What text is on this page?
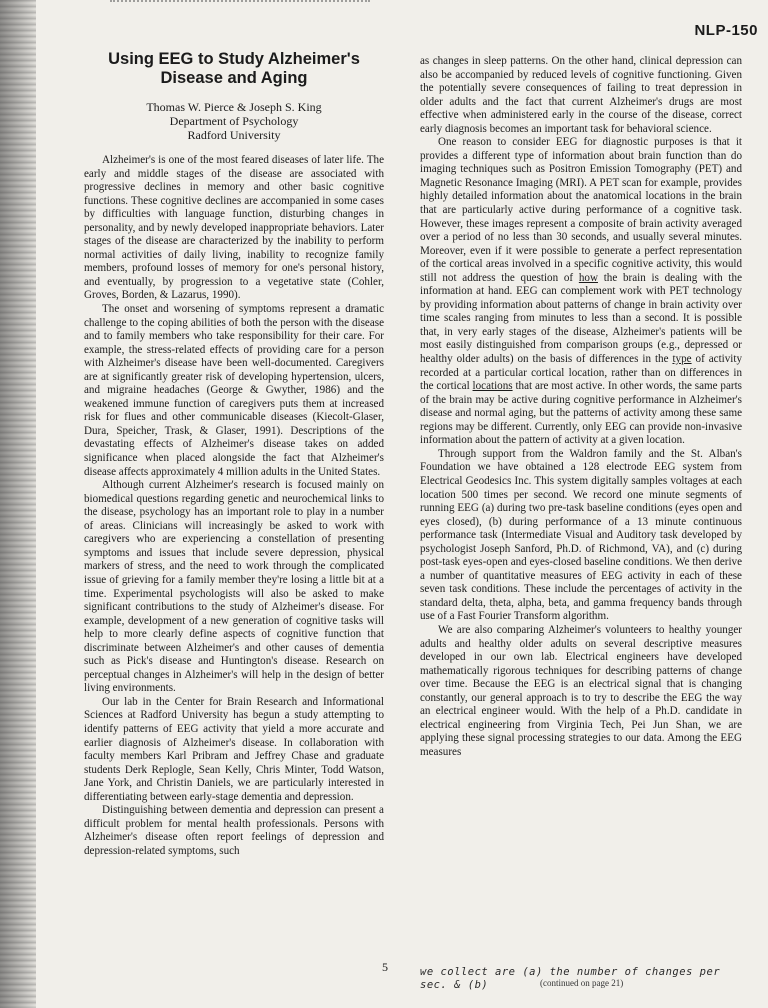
NLP-150
Using EEG to Study Alzheimer's
Disease and Aging
Thomas W. Pierce & Joseph S. King
Department of Psychology
Radford University

Alzheimer's is one of the most feared diseases of later life. The early and middle stages of the disease are associated with progressive declines in memory and other basic cognitive functions. These cognitive declines are accompanied in some cases by difficulties with language function, disturbing changes in personality, and by newly developed inappropriate behaviors. Later stages of the disease are characterized by the inability to perform normal activities of daily living, inability to recognize family members, profound losses of memory for one's personal history, and eventually, by progression to a vegetative state (Cohler, Groves, Borden, & Lazarus, 1990).

The onset and worsening of symptoms represent a dramatic challenge to the coping abilities of both the person with the disease and to family members who take responsibility for their care. For example, the stress-related effects of providing care for a person with Alzheimer's disease have been well-documented. Caregivers are at significantly greater risk of developing hypertension, ulcers, and migraine headaches (George & Gwyther, 1986) and the weakened immune function of caregivers puts them at increased risk for flues and other communicable diseases (Kiecolt-Glaser, Dura, Speicher, Trask, & Glaser, 1991). Descriptions of the devastating effects of Alzheimer's disease takes on added significance when placed alongside the fact that Alzheimer's disease affects approximately 4 million adults in the United States.

Although current Alzheimer's research is focused mainly on biomedical questions regarding genetic and neurochemical links to the disease, psychology has an important role to play in a number of areas. Clinicians will increasingly be asked to work with caregivers who are experiencing a constellation of presenting symptoms and issues that include severe depression, physical markers of stress, and the need to work through the complicated issue of grieving for a family member they're losing a little bit at a time. Experimental psychologists will also be asked to make significant contributions to the study of Alzheimer's disease. For example, development of a new generation of cognitive tasks will help to more clearly define aspects of cognitive function that discriminate between Alzheimer's and other causes of dementia such as Pick's disease and Huntington's disease. Research on perceptual changes in Alzheimer's will help in the design of better living environments.

Our lab in the Center for Brain Research and Informational Sciences at Radford University has begun a study attempting to identify patterns of EEG activity that yield a more accurate and earlier diagnosis of Alzheimer's disease. In collaboration with faculty members Karl Pribram and Jeffrey Chase and graduate students Derk Replogle, Sean Kelly, Chris Minter, Todd Watson, Jane York, and Christin Daniels, we are particularly interested in differentiating between early-stage dementia and depression.

Distinguishing between dementia and depression can present a difficult problem for mental health professionals. Persons with Alzheimer's disease often report feelings of depression and depression-related symptoms, such

as changes in sleep patterns. On the other hand, clinical depression can also be accompanied by reduced levels of cognitive functioning. Given the potentially severe consequences of failing to treat depression in older adults and the fact that current Alzheimer's drugs are most effective when administered early in the course of the disease, correct early diagnosis becomes an important task for behavioral science.

One reason to consider EEG for diagnostic purposes is that it provides a different type of information about brain function than do imaging techniques such as Positron Emission Tomography (PET) and Magnetic Resonance Imaging (MRI). A PET scan for example, provides highly detailed information about the anatomical locations in the brain that are particularly active during performance of a cognitive task. However, these images represent a composite of brain activity averaged over a period of no less than 30 seconds, and usually several minutes. Moreover, even if it were possible to generate a perfect representation of the cortical areas involved in a specific cognitive activity, this would still not address the question of how the brain is dealing with the information at hand. EEG can complement work with PET technology by providing information about patterns of change in brain activity over time scales ranging from minutes to less than a second. It is possible that, in very early stages of the disease, Alzheimer's patients will be most easily distinguished from comparison groups (e.g., depressed or healthy older adults) on the basis of differences in the type of activity recorded at a particular cortical location, rather than on differences in the cortical locations that are most active. In other words, the same parts of the brain may be active during cognitive performance in Alzheimer's disease and normal aging, but the patterns of activity among these same regions may be different. Currently, only EEG can provide non-invasive information about the pattern of activity at a given location.

Through support from the Waldron family and the St. Alban's Foundation we have obtained a 128 electrode EEG system from Electrical Geodesics Inc. This system digitally samples voltages at each location 500 times per second. We record one minute segments of running EEG (a) during two pre-task baseline conditions (eyes open and eyes closed), (b) during performance of a 13 minute continuous performance task (Intermediate Visual and Auditory task developed by psychologist Joseph Sanford, Ph.D. of Richmond, VA), and (c) during post-task eyes-open and eyes-closed baseline conditions. We then derive a number of quantitative measures of EEG activity in each of these seven task conditions. These include the percentages of activity in the standard delta, theta, alpha, beta, and gamma frequency bands through use of a Fast Fourier Transform algorithm.

We are also comparing Alzheimer's volunteers to healthy younger adults and healthy older adults on several descriptive measures developed in our own lab. Electrical engineers have developed mathematically rigorous techniques for describing patterns of change over time. Because the EEG is an electrical signal that is changing constantly, our general approach is to try to describe the EEG the way an electrical engineer would. With the help of a Ph.D. candidate in electrical engineering from Virginia Tech, Pei Jun Shan, we are applying these signal processing strategies to our data. Among the EEG measures

we collect are (a) the number of changes per sec. & (b)	(continued on page 21)
5
